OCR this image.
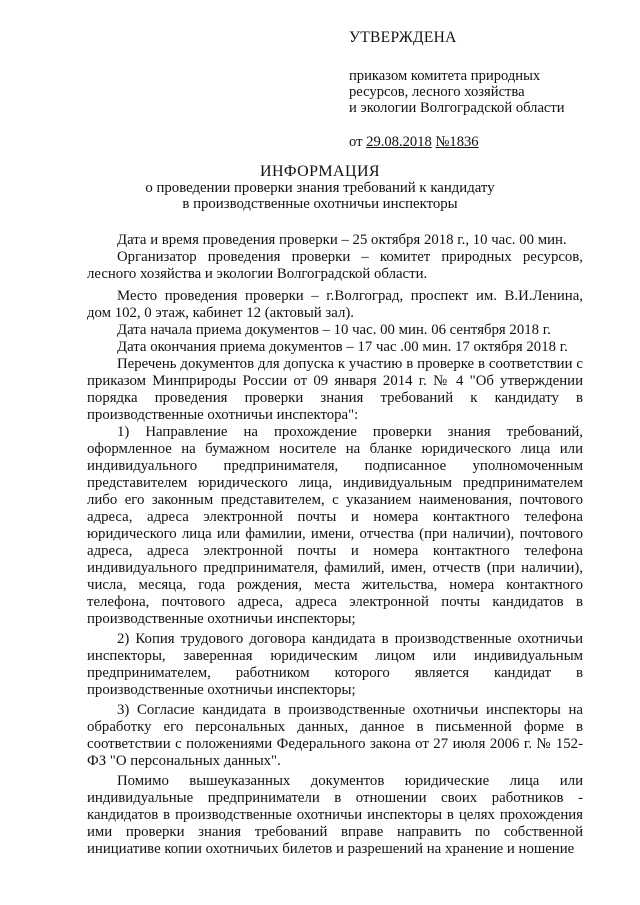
УТВЕРЖДЕНА
приказом комитета природных
ресурсов, лесного хозяйства
и экологии Волгоградской области
от 29.08.2018 №1836
ИНФОРМАЦИЯ
о проведении проверки знания требований к кандидату
в производственные охотничьи инспекторы

Дата и время проведения проверки – 25 октября 2018 г., 10 час. 00 мин.

Организатор проведения проверки – комитет природных ресурсов, лесного хозяйства и экологии Волгоградской области.

Место проведения проверки – г.Волгоград, проспект им. В.И.Ленина, дом 102, 0 этаж, кабинет 12 (актовый зал).

Дата начала приема документов – 10 час. 00 мин. 06 сентября 2018 г.

Дата окончания приема документов – 17 час .00 мин. 17 октября 2018 г.

Перечень документов для допуска к участию в проверке в соответствии с приказом Минприроды России от 09 января 2014 г. № 4 "Об утверждении порядка проведения проверки знания требований к кандидату в производственные охотничьи инспектора":

1) Направление на прохождение проверки знания требований, оформленное на бумажном носителе на бланке юридического лица или индивидуального предпринимателя, подписанное уполномоченным представителем юридического лица, индивидуальным предпринимателем либо его законным представителем, с указанием наименования, почтового адреса, адреса электронной почты и номера контактного телефона юридического лица или фамилии, имени, отчества (при наличии), почтового адреса, адреса электронной почты и номера контактного телефона индивидуального предпринимателя, фамилий, имен, отчеств (при наличии), числа, месяца, года рождения, места жительства, номера контактного телефона, почтового адреса, адреса электронной почты кандидатов в производственные охотничьи инспекторы;

2) Копия трудового договора кандидата в производственные охотничьи инспекторы, заверенная юридическим лицом или индивидуальным предпринимателем, работником которого является кандидат в производственные охотничьи инспекторы;

3) Согласие кандидата в производственные охотничьи инспекторы на обработку его персональных данных, данное в письменной форме в соответствии с положениями Федерального закона от 27 июля 2006 г. № 152-ФЗ "О персональных данных".

Помимо вышеуказанных документов юридические лица или индивидуальные предприниматели в отношении своих работников - кандидатов в производственные охотничьи инспекторы в целях прохождения ими проверки знания требований вправе направить по собственной инициативе копии охотничьих билетов и разрешений на хранение и ношение
